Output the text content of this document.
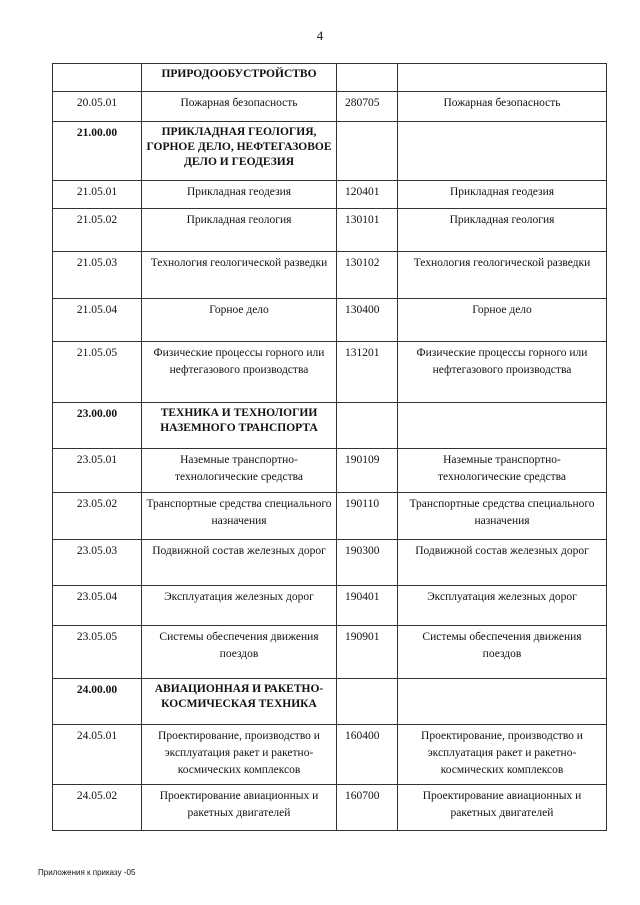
4
	ПРИРОДООБУСТРОЙСТВО		
20.05.01	Пожарная безопасность	280705	Пожарная безопасность
21.00.00	ПРИКЛАДНАЯ ГЕОЛОГИЯ, ГОРНОЕ ДЕЛО, НЕФТЕГАЗОВОЕ ДЕЛО И ГЕОДЕЗИЯ		
21.05.01	Прикладная геодезия	120401	Прикладная геодезия
21.05.02	Прикладная геология	130101	Прикладная геология
21.05.03	Технология геологической разведки	130102	Технология геологической разведки
21.05.04	Горное дело	130400	Горное дело
21.05.05	Физические процессы горного или нефтегазового производства	131201	Физические процессы горного или нефтегазового производства
23.00.00	ТЕХНИКА И ТЕХНОЛОГИИ НАЗЕМНОГО ТРАНСПОРТА		
23.05.01	Наземные транспортно-технологические средства	190109	Наземные транспортно-технологические средства
23.05.02	Транспортные средства специального назначения	190110	Транспортные средства специального назначения
23.05.03	Подвижной состав железных дорог	190300	Подвижной состав железных дорог
23.05.04	Эксплуатация железных дорог	190401	Эксплуатация железных дорог
23.05.05	Системы обеспечения движения поездов	190901	Системы обеспечения движения поездов
24.00.00	АВИАЦИОННАЯ И РАКЕТНО-КОСМИЧЕСКАЯ ТЕХНИКА		
24.05.01	Проектирование, производство и эксплуатация ракет и ракетно-космических комплексов	160400	Проектирование, производство и эксплуатация ракет и ракетно-космических комплексов
24.05.02	Проектирование авиационных и ракетных двигателей	160700	Проектирование авиационных и ракетных двигателей
Приложения к приказу -05
